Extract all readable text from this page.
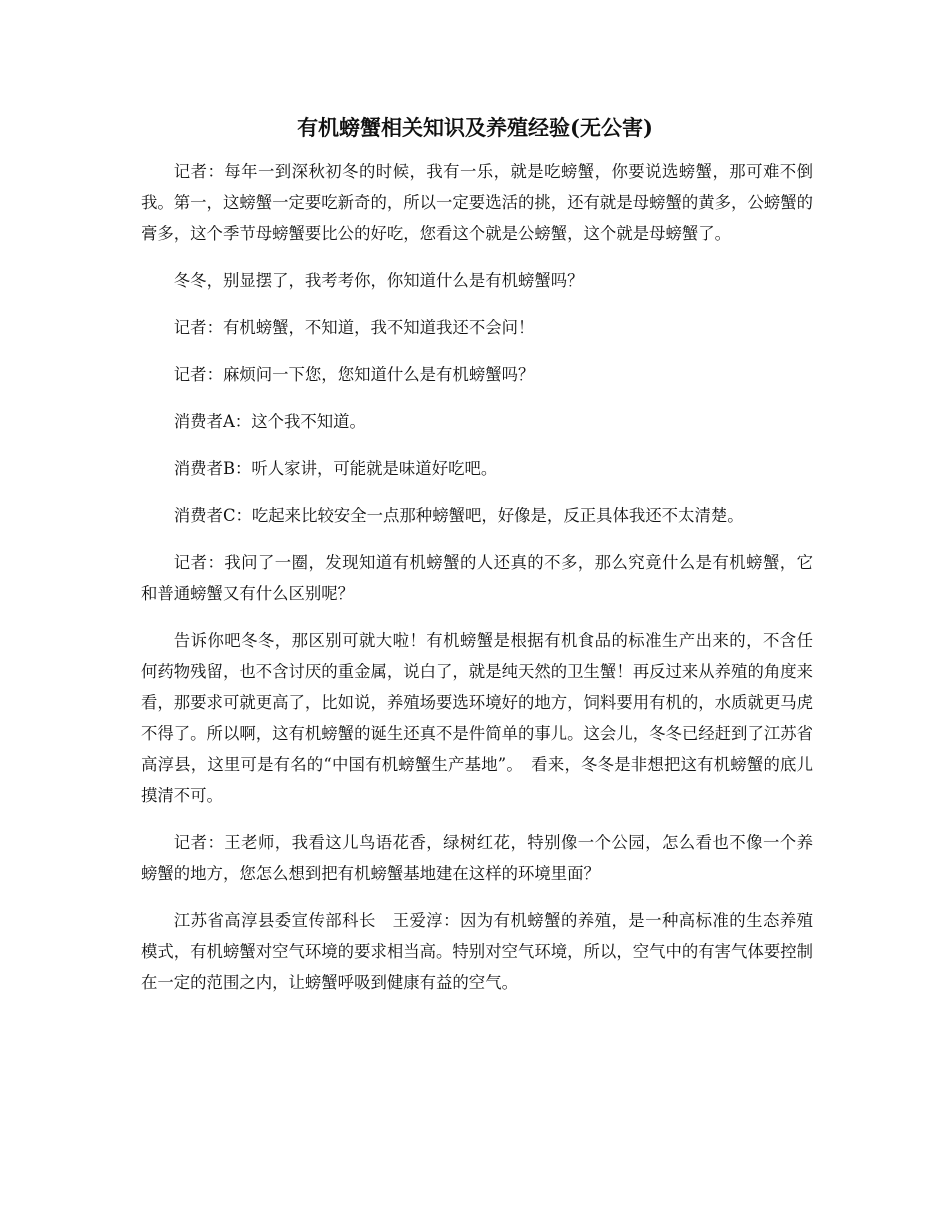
有机螃蟹相关知识及养殖经验(无公害)

记者：每年一到深秋初冬的时候，我有一乐，就是吃螃蟹，你要说选螃蟹，那可难不倒我。第一，这螃蟹一定要吃新奇的，所以一定要选活的挑，还有就是母螃蟹的黄多，公螃蟹的膏多，这个季节母螃蟹要比公的好吃，您看这个就是公螃蟹，这个就是母螃蟹了。

冬冬，别显摆了，我考考你，你知道什么是有机螃蟹吗？

记者：有机螃蟹，不知道，我不知道我还不会问！

记者：麻烦问一下您，您知道什么是有机螃蟹吗？

消费者A：这个我不知道。

消费者B：听人家讲，可能就是味道好吃吧。

消费者C：吃起来比较安全一点那种螃蟹吧，好像是，反正具体我还不太清楚。

记者：我问了一圈，发现知道有机螃蟹的人还真的不多，那么究竟什么是有机螃蟹，它和普通螃蟹又有什么区别呢？

告诉你吧冬冬，那区别可就大啦！有机螃蟹是根据有机食品的标准生产出来的，不含任何药物残留，也不含讨厌的重金属，说白了，就是纯天然的卫生蟹！再反过来从养殖的角度来看，那要求可就更高了，比如说，养殖场要选环境好的地方，饲料要用有机的，水质就更马虎不得了。所以啊，这有机螃蟹的诞生还真不是件简单的事儿。这会儿，冬冬已经赶到了江苏省高淳县，这里可是有名的“中国有机螃蟹生产基地”。　看来，冬冬是非想把这有机螃蟹的底儿摸清不可。

记者：王老师，我看这儿鸟语花香，绿树红花，特别像一个公园，怎么看也不像一个养螃蟹的地方，您怎么想到把有机螃蟹基地建在这样的环境里面？

江苏省高淳县委宣传部科长　王爱淳：因为有机螃蟹的养殖，是一种高标准的生态养殖模式，有机螃蟹对空气环境的要求相当高。特别对空气环境，所以，空气中的有害气体要控制在一定的范围之内，让螃蟹呼吸到健康有益的空气。
